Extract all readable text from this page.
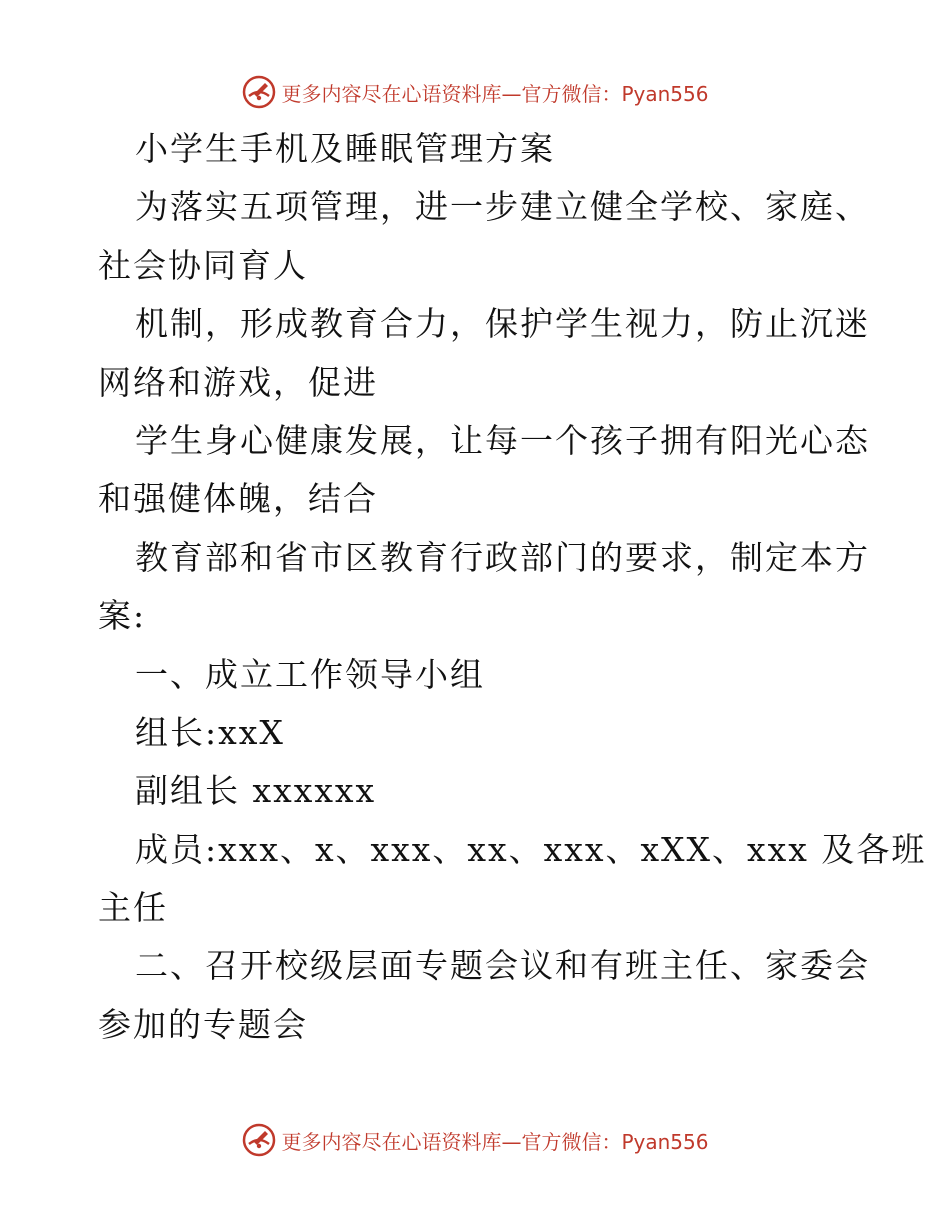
更多内容尽在心语资料库—官方微信：Pyan556
小学生手机及睡眠管理方案
为落实五项管理，进一步建立健全学校、家庭、
社会协同育人
机制，形成教育合力，保护学生视力，防止沉迷
网络和游戏，促进
学生身心健康发展，让每一个孩子拥有阳光心态
和强健体魄，结合
教育部和省市区教育行政部门的要求，制定本方
案:
一、成立工作领导小组
组长:xxX
副组长 xxxxxx
成员:xxx、x、xxx、xx、xxx、xXX、xxx 及各班
主任
二、召开校级层面专题会议和有班主任、家委会
参加的专题会
更多内容尽在心语资料库—官方微信：Pyan556
